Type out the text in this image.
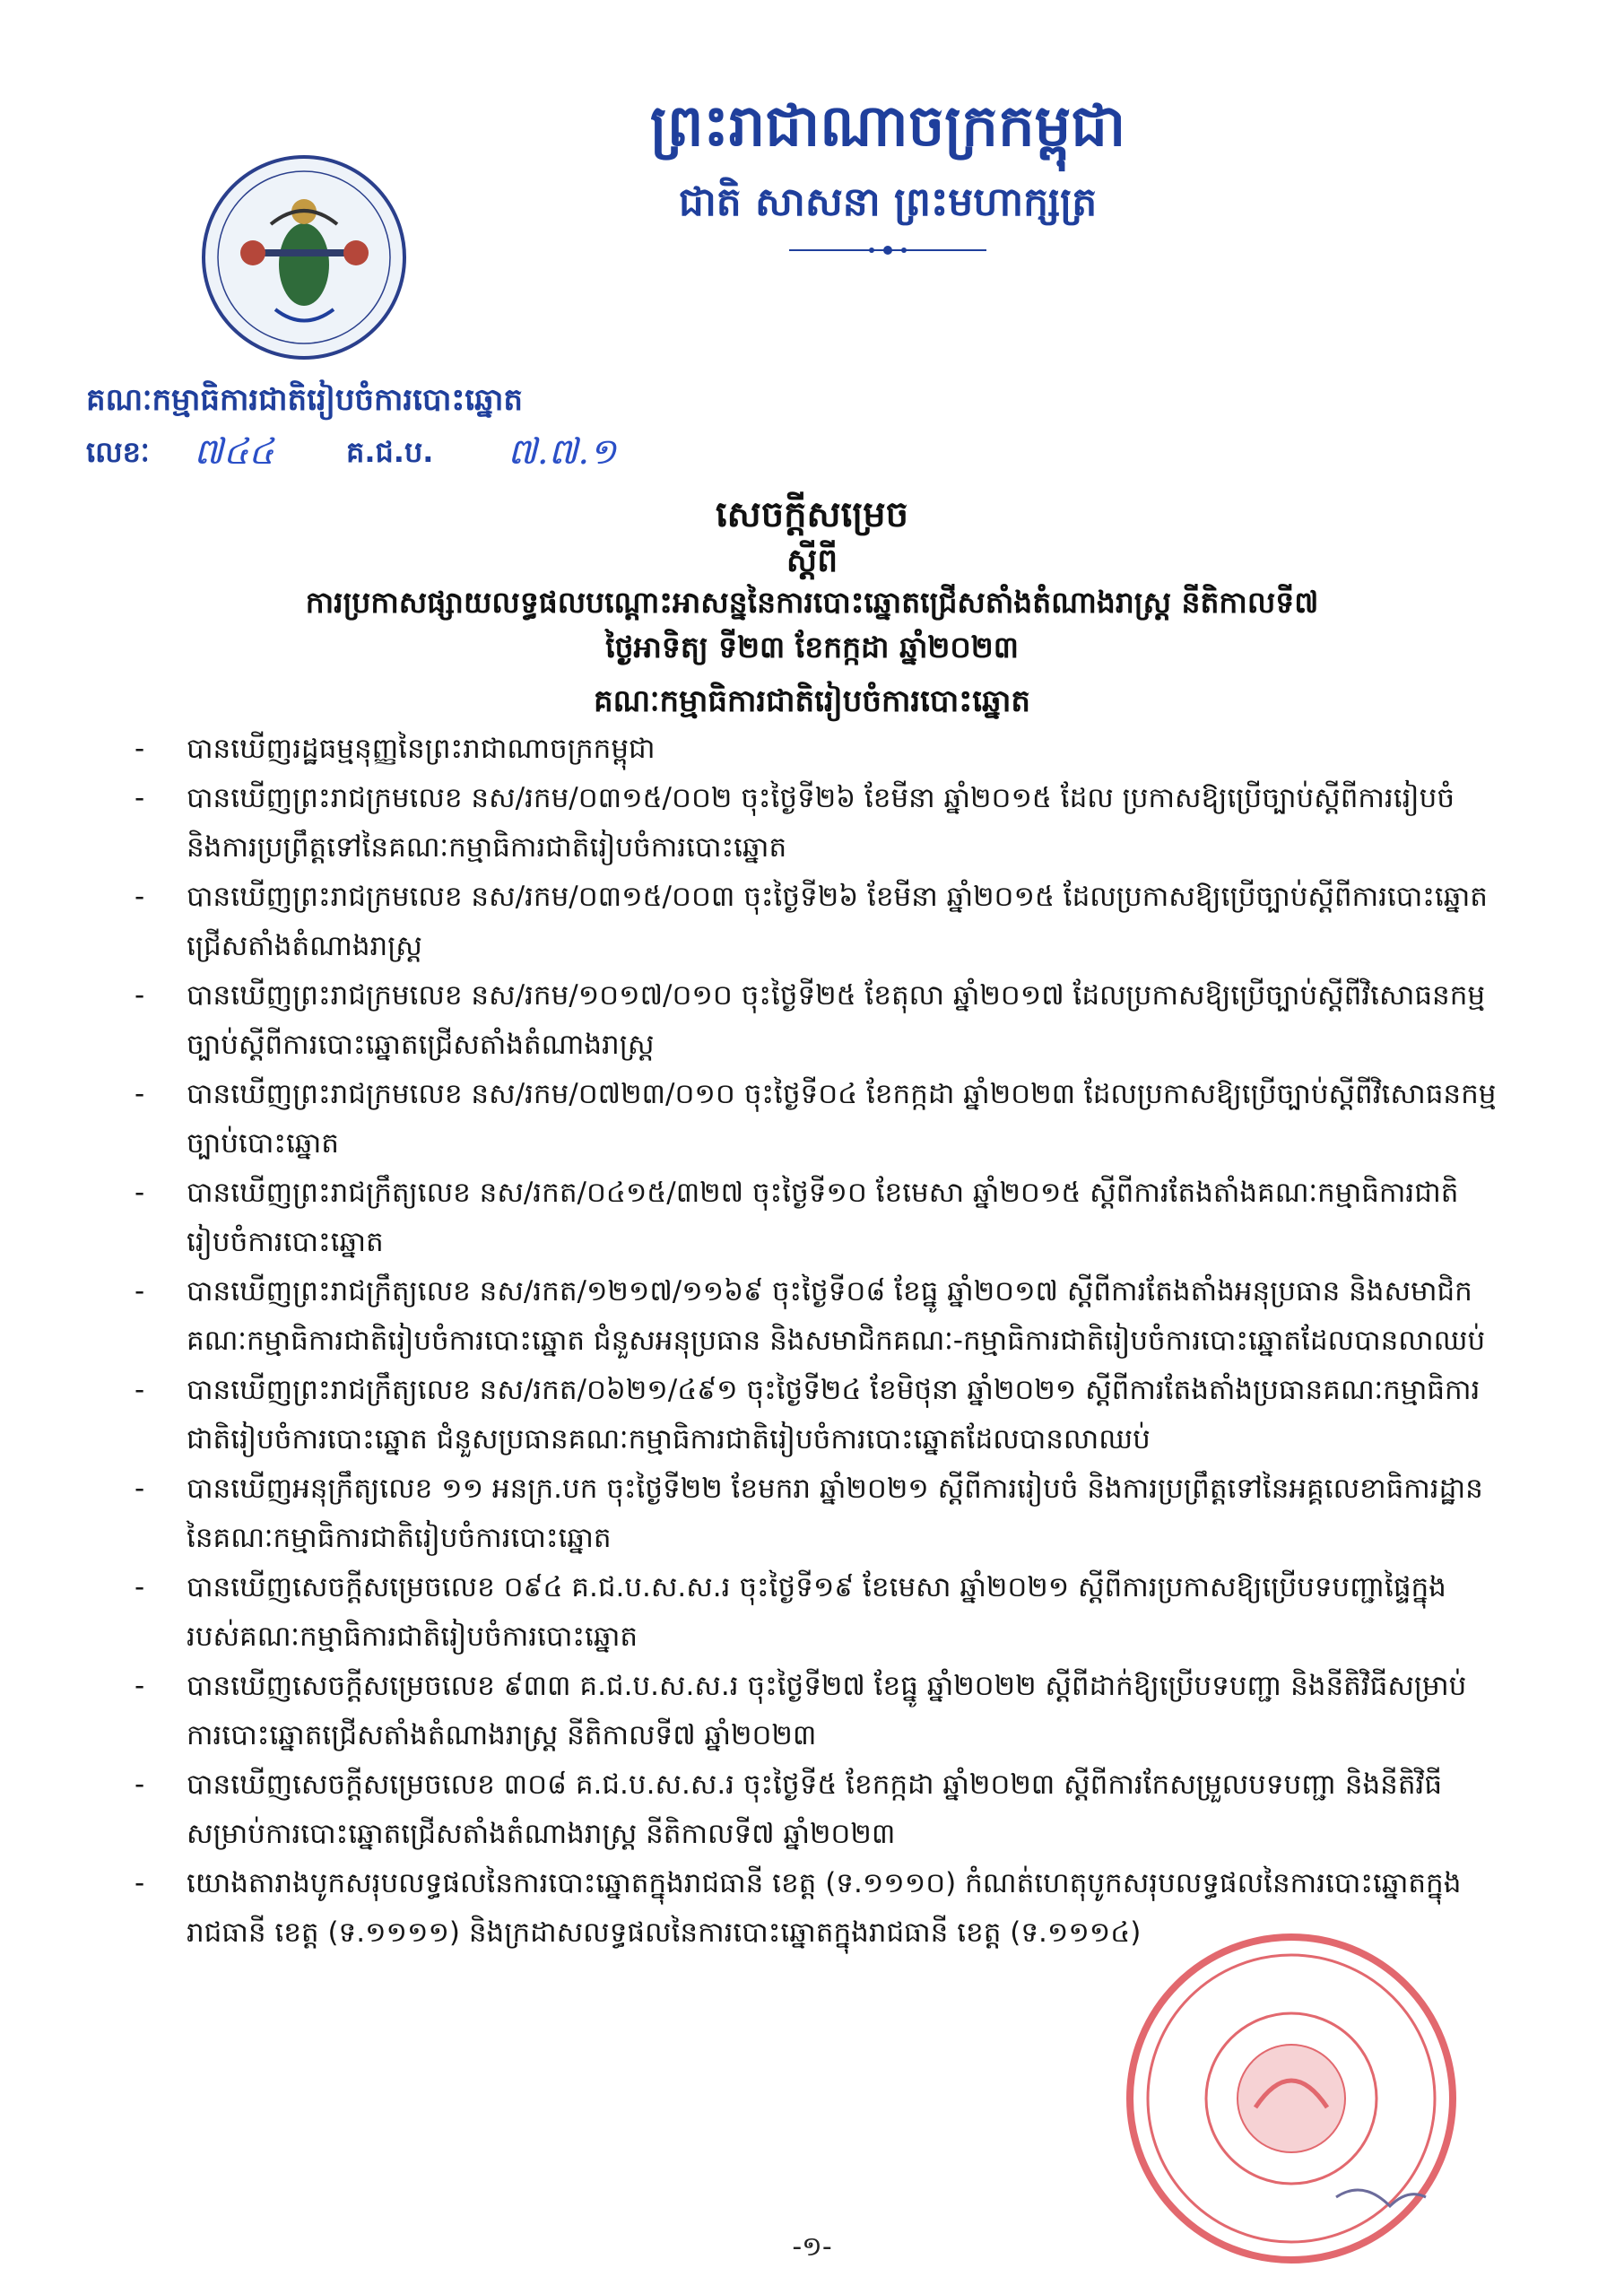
ព្រះរាជាណាចក្រកម្ពុជា
ជាតិ សាសនា ព្រះមហាក្សត្រ
គណៈកម្មាធិការជាតិរៀបចំការបោះឆ្នោត
លេខៈ ៧៤៤	គ.ជ.ប. ៧.៧.១
សេចក្តីសម្រេច
ស្តីពី
ការប្រកាសផ្សាយលទ្ធផលបណ្តោះអាសន្ននៃការបោះឆ្នោតជ្រើសតាំងតំណាងរាស្ត្រ នីតិកាលទី៧
ថ្ងៃអាទិត្យ ទី២៣ ខែកក្កដា ឆ្នាំ២០២៣
គណៈកម្មាធិការជាតិរៀបចំការបោះឆ្នោត
-	បានឃើញរដ្ឋធម្មនុញ្ញនៃព្រះរាជាណាចក្រកម្ពុជា
-	បានឃើញព្រះរាជក្រមលេខ នស/រកម/០៣១៥/០០២ ចុះថ្ងៃទី២៦ ខែមីនា ឆ្នាំ២០១៥ ដែល ប្រកាសឱ្យប្រើច្បាប់ស្តីពីការរៀបចំ និងការប្រព្រឹត្តទៅនៃគណៈកម្មាធិការជាតិរៀបចំការបោះឆ្នោត
-	បានឃើញព្រះរាជក្រមលេខ នស/រកម/០៣១៥/០០៣ ចុះថ្ងៃទី២៦ ខែមីនា ឆ្នាំ២០១៥ ដែលប្រកាសឱ្យប្រើច្បាប់ស្តីពីការបោះឆ្នោតជ្រើសតាំងតំណាងរាស្ត្រ
-	បានឃើញព្រះរាជក្រមលេខ នស/រកម/១០១៧/០១០ ចុះថ្ងៃទី២៥ ខែតុលា ឆ្នាំ២០១៧ ដែលប្រកាសឱ្យប្រើច្បាប់ស្តីពីវិសោធនកម្មច្បាប់ស្តីពីការបោះឆ្នោតជ្រើសតាំងតំណាងរាស្ត្រ
-	បានឃើញព្រះរាជក្រមលេខ នស/រកម/០៧២៣/០១០ ចុះថ្ងៃទី០៤ ខែកក្កដា ឆ្នាំ២០២៣ ដែលប្រកាសឱ្យប្រើច្បាប់ស្តីពីវិសោធនកម្មច្បាប់បោះឆ្នោត
-	បានឃើញព្រះរាជក្រឹត្យលេខ នស/រកត/០៤១៥/៣២៧ ចុះថ្ងៃទី១០ ខែមេសា ឆ្នាំ២០១៥ ស្តីពីការតែងតាំងគណៈកម្មាធិការជាតិរៀបចំការបោះឆ្នោត
-	បានឃើញព្រះរាជក្រឹត្យលេខ នស/រកត/១២១៧/១១៦៩ ចុះថ្ងៃទី០៨ ខែធ្នូ ឆ្នាំ២០១៧ ស្តីពីការតែងតាំងអនុប្រធាន និងសមាជិកគណៈកម្មាធិការជាតិរៀបចំការបោះឆ្នោត ជំនួសអនុប្រធាន និងសមាជិកគណៈ-កម្មាធិការជាតិរៀបចំការបោះឆ្នោតដែលបានលាឈប់
-	បានឃើញព្រះរាជក្រឹត្យលេខ នស/រកត/០៦២១/៤៩១ ចុះថ្ងៃទី២៤ ខែមិថុនា ឆ្នាំ២០២១ ស្តីពីការតែងតាំងប្រធានគណៈកម្មាធិការជាតិរៀបចំការបោះឆ្នោត ជំនួសប្រធានគណៈកម្មាធិការជាតិរៀបចំការបោះឆ្នោតដែលបានលាឈប់
-	បានឃើញអនុក្រឹត្យលេខ ១១ អនក្រ.បក ចុះថ្ងៃទី២២ ខែមករា ឆ្នាំ២០២១ ស្តីពីការរៀបចំ និងការប្រព្រឹត្តទៅនៃអគ្គលេខាធិការដ្ឋាននៃគណៈកម្មាធិការជាតិរៀបចំការបោះឆ្នោត
-	បានឃើញសេចក្តីសម្រេចលេខ ០៩៤ គ.ជ.ប.ស.ស.រ ចុះថ្ងៃទី១៩ ខែមេសា ឆ្នាំ២០២១ ស្តីពីការប្រកាសឱ្យប្រើបទបញ្ជាផ្ទៃក្នុងរបស់គណៈកម្មាធិការជាតិរៀបចំការបោះឆ្នោត
-	បានឃើញសេចក្តីសម្រេចលេខ ៩៣៣ គ.ជ.ប.ស.ស.រ ចុះថ្ងៃទី២៧ ខែធ្នូ ឆ្នាំ២០២២ ស្តីពីដាក់ឱ្យប្រើបទបញ្ជា និងនីតិវិធីសម្រាប់ការបោះឆ្នោតជ្រើសតាំងតំណាងរាស្ត្រ នីតិកាលទី៧ ឆ្នាំ២០២៣
-	បានឃើញសេចក្តីសម្រេចលេខ ៣០៨ គ.ជ.ប.ស.ស.រ ចុះថ្ងៃទី៥ ខែកក្កដា ឆ្នាំ២០២៣ ស្តីពីការកែសម្រួលបទបញ្ជា និងនីតិវិធីសម្រាប់ការបោះឆ្នោតជ្រើសតាំងតំណាងរាស្ត្រ នីតិកាលទី៧ ឆ្នាំ២០២៣
-	យោងតារាងបូកសរុបលទ្ធផលនៃការបោះឆ្នោតក្នុងរាជធានី ខេត្ត (ទ.១១១០) កំណត់ហេតុបូកសរុបលទ្ធផលនៃការបោះឆ្នោតក្នុងរាជធានី ខេត្ត (ទ.១១១១) និងក្រដាសលទ្ធផលនៃការបោះឆ្នោតក្នុងរាជធានី ខេត្ត (ទ.១១១៤)
-១-
